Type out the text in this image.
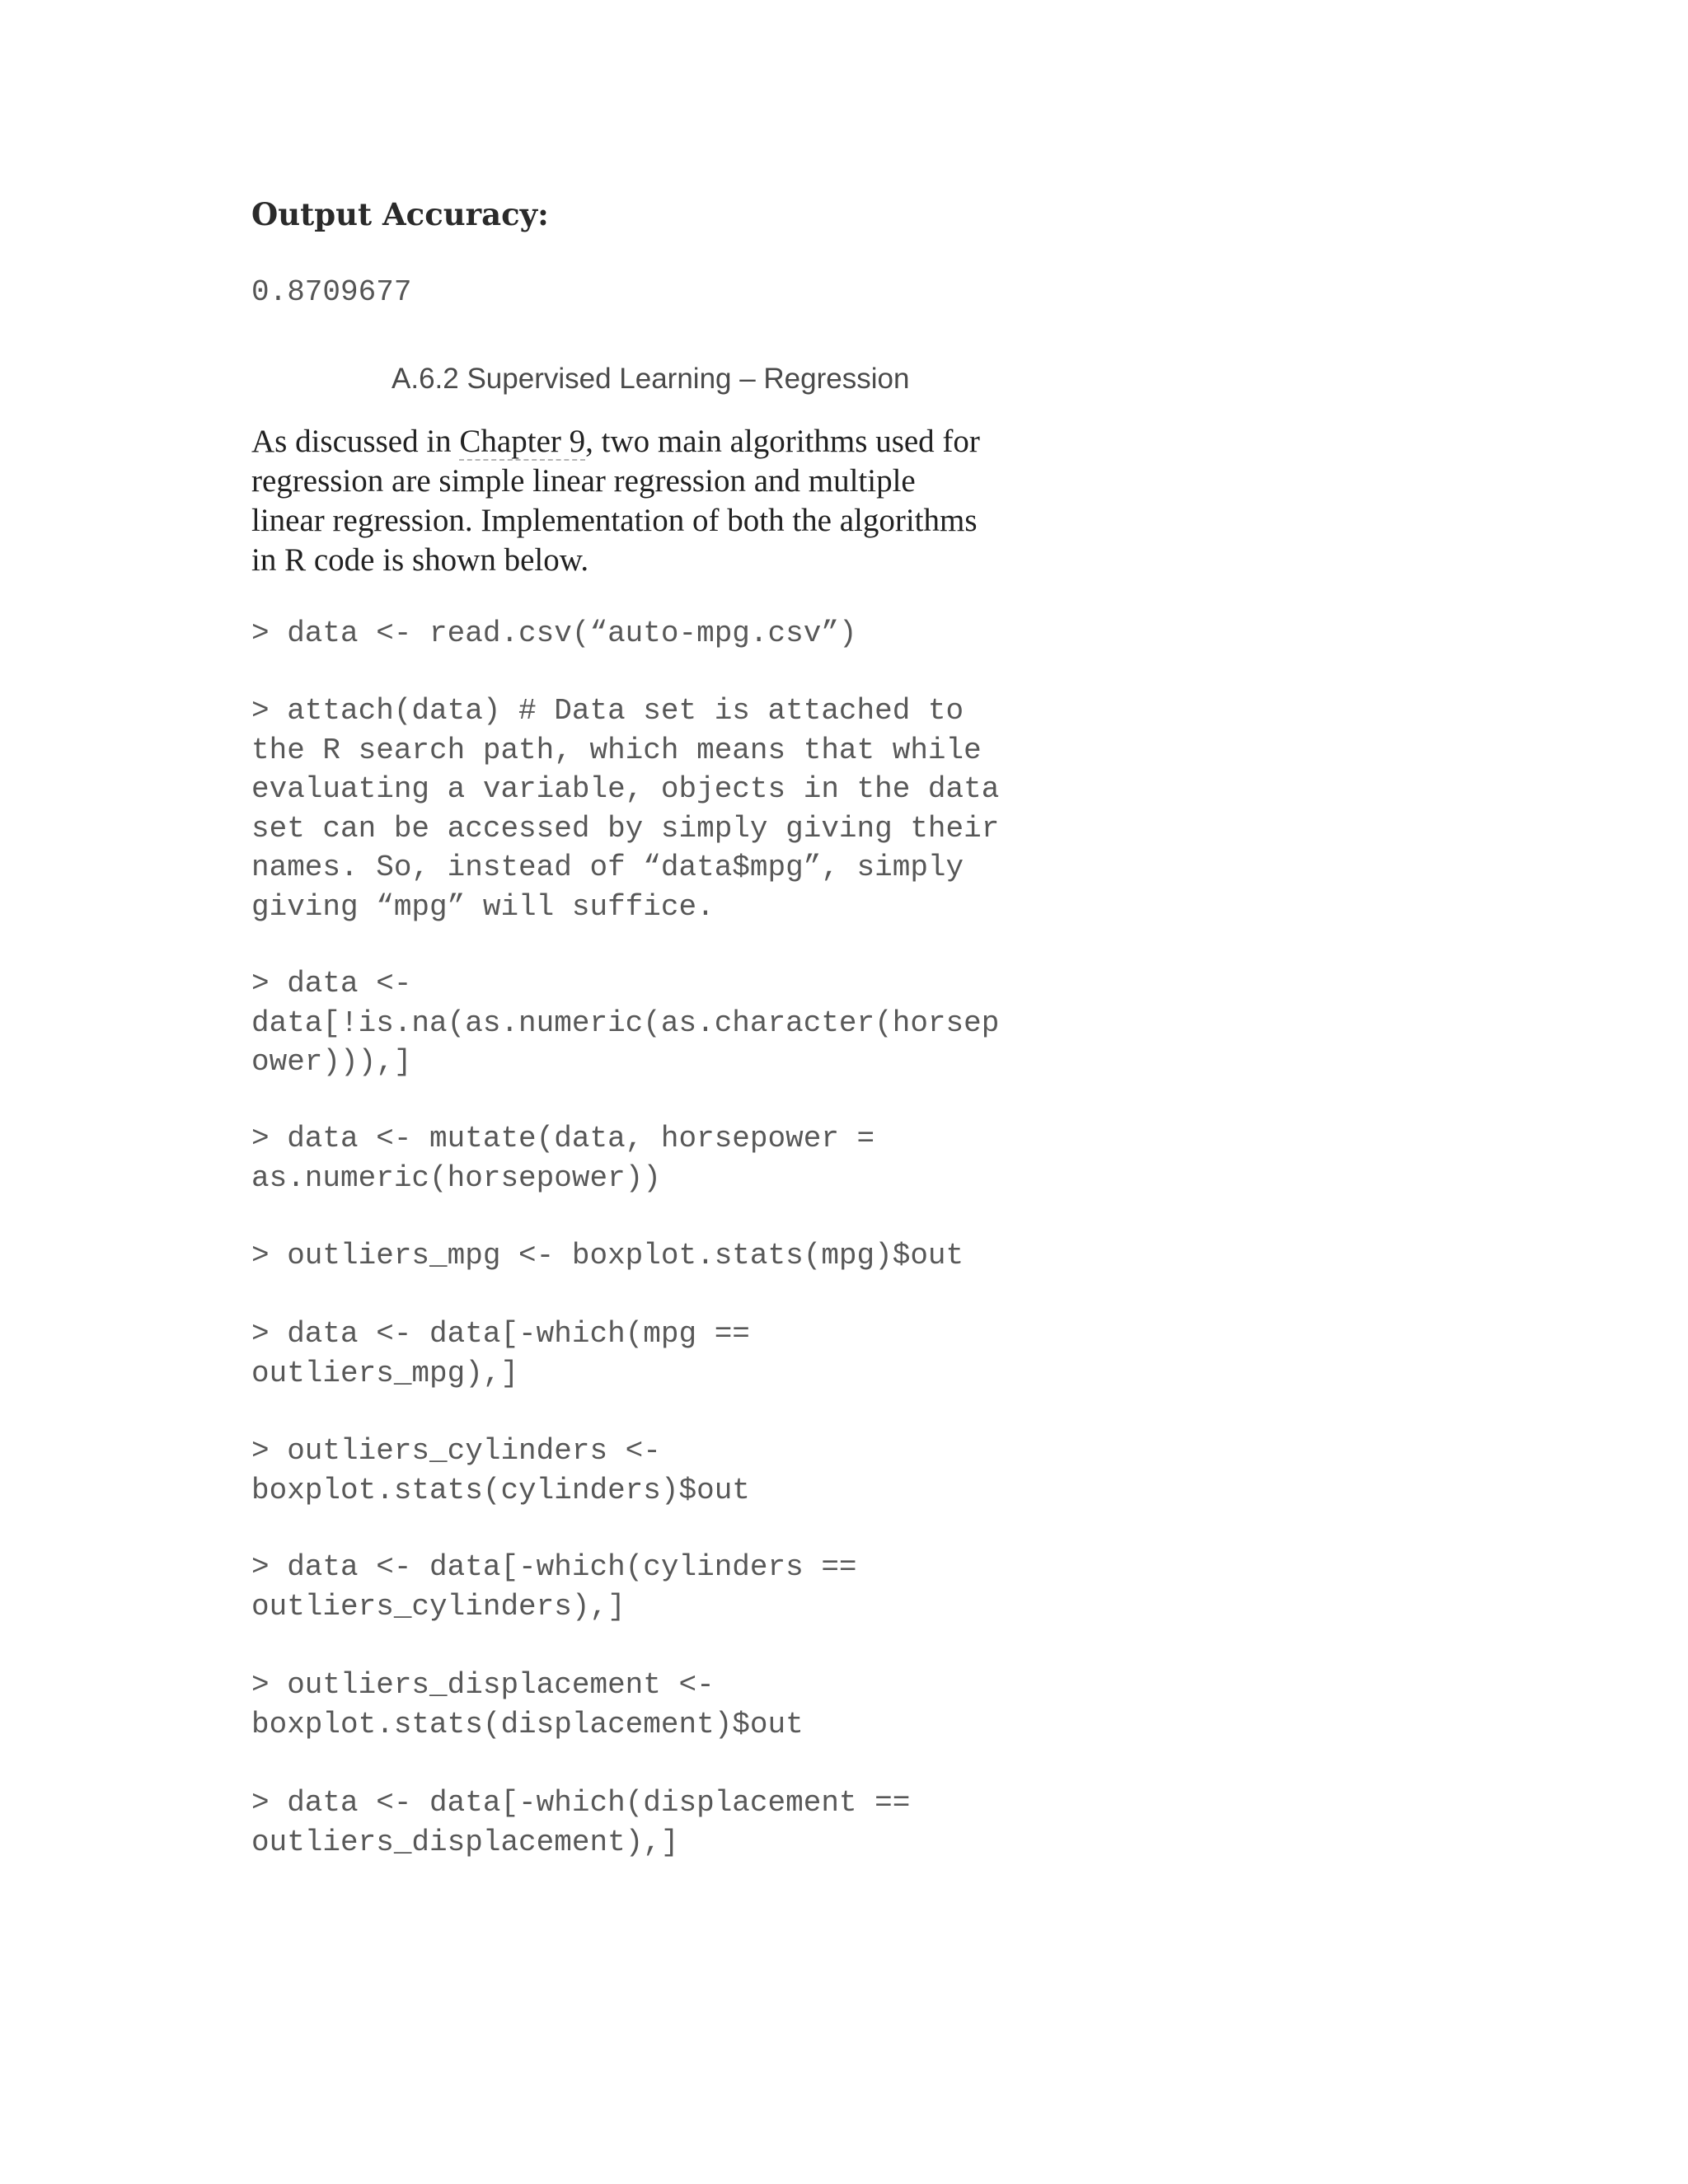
Output Accuracy:
0.8709677
A.6.2 Supervised Learning – Regression
As discussed in Chapter 9, two main algorithms used for
regression are simple linear regression and multiple
linear regression. Implementation of both the algorithms
in R code is shown below.
> data <- read.csv(“auto-mpg.csv”)
> attach(data) # Data set is attached to
the R search path, which means that while
evaluating a variable, objects in the data
set can be accessed by simply giving their
names. So, instead of “data$mpg”, simply
giving “mpg” will suffice.
> data <-
data[!is.na(as.numeric(as.character(horsep
ower))),]
> data <- mutate(data, horsepower =
as.numeric(horsepower))
> outliers_mpg <- boxplot.stats(mpg)$out
> data <- data[-which(mpg ==
outliers_mpg),]
> outliers_cylinders <-
boxplot.stats(cylinders)$out
> data <- data[-which(cylinders ==
outliers_cylinders),]
> outliers_displacement <-
boxplot.stats(displacement)$out
> data <- data[-which(displacement ==
outliers_displacement),]
